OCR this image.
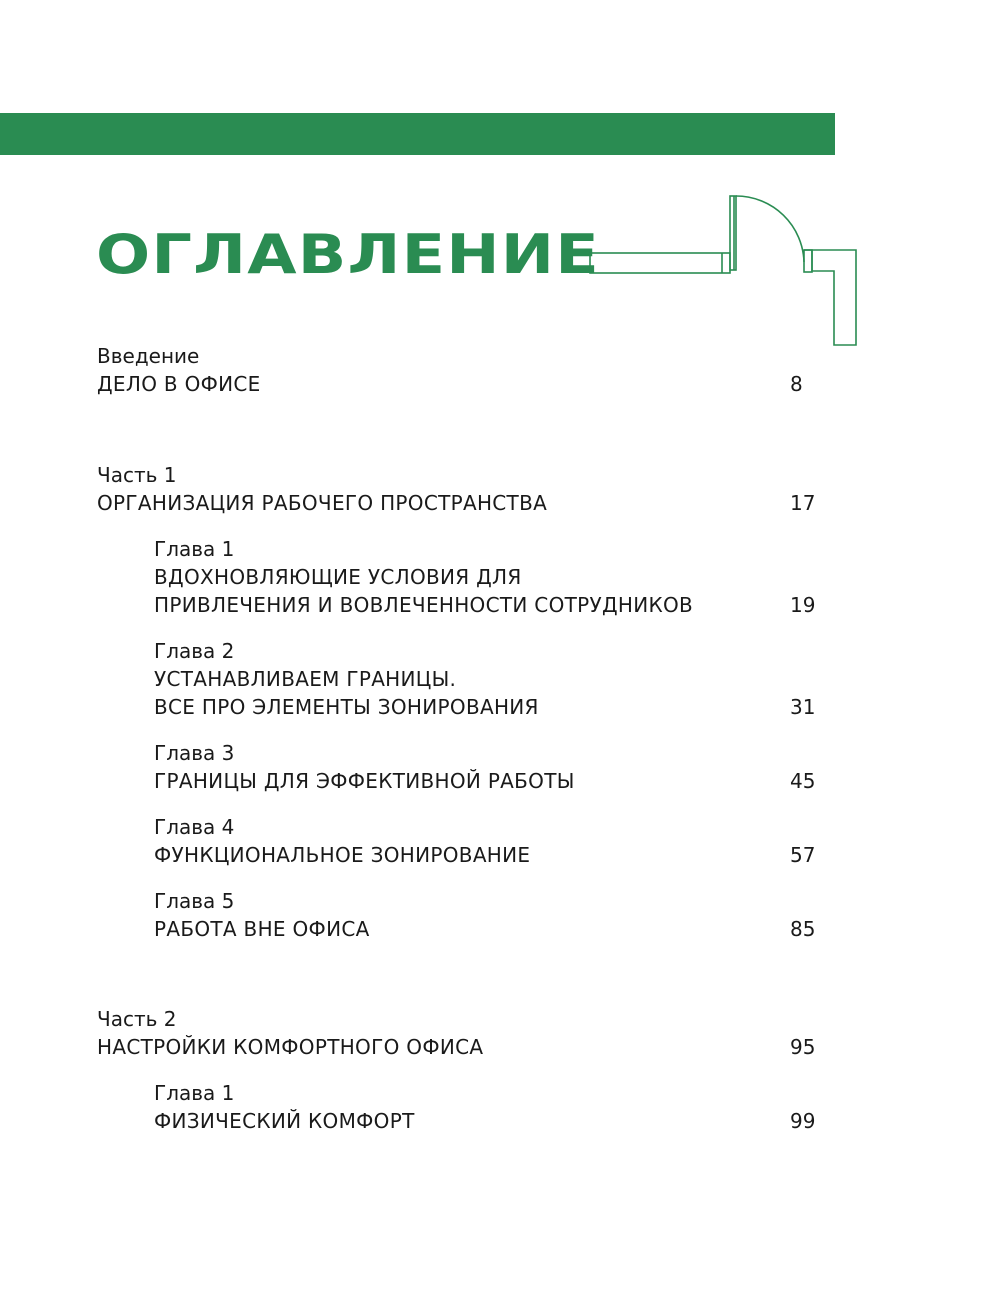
ОГЛАВЛЕНИЕ
Введение
ДЕЛО В ОФИСЕ	8
Часть 1
ОРГАНИЗАЦИЯ РАБОЧЕГО ПРОСТРАНСТВА	17
Глава 1
ВДОХНОВЛЯЮЩИЕ УСЛОВИЯ ДЛЯ
ПРИВЛЕЧЕНИЯ И ВОВЛЕЧЕННОСТИ СОТРУДНИКОВ	19
Глава 2
УСТАНАВЛИВАЕМ ГРАНИЦЫ.
ВСЕ ПРО ЭЛЕМЕНТЫ ЗОНИРОВАНИЯ	31
Глава 3
ГРАНИЦЫ ДЛЯ ЭФФЕКТИВНОЙ РАБОТЫ	45
Глава 4
ФУНКЦИОНАЛЬНОЕ ЗОНИРОВАНИЕ	57
Глава 5
РАБОТА ВНЕ ОФИСА	85
Часть 2
НАСТРОЙКИ КОМФОРТНОГО ОФИСА	95
Глава 1
ФИЗИЧЕСКИЙ КОМФОРТ	99
